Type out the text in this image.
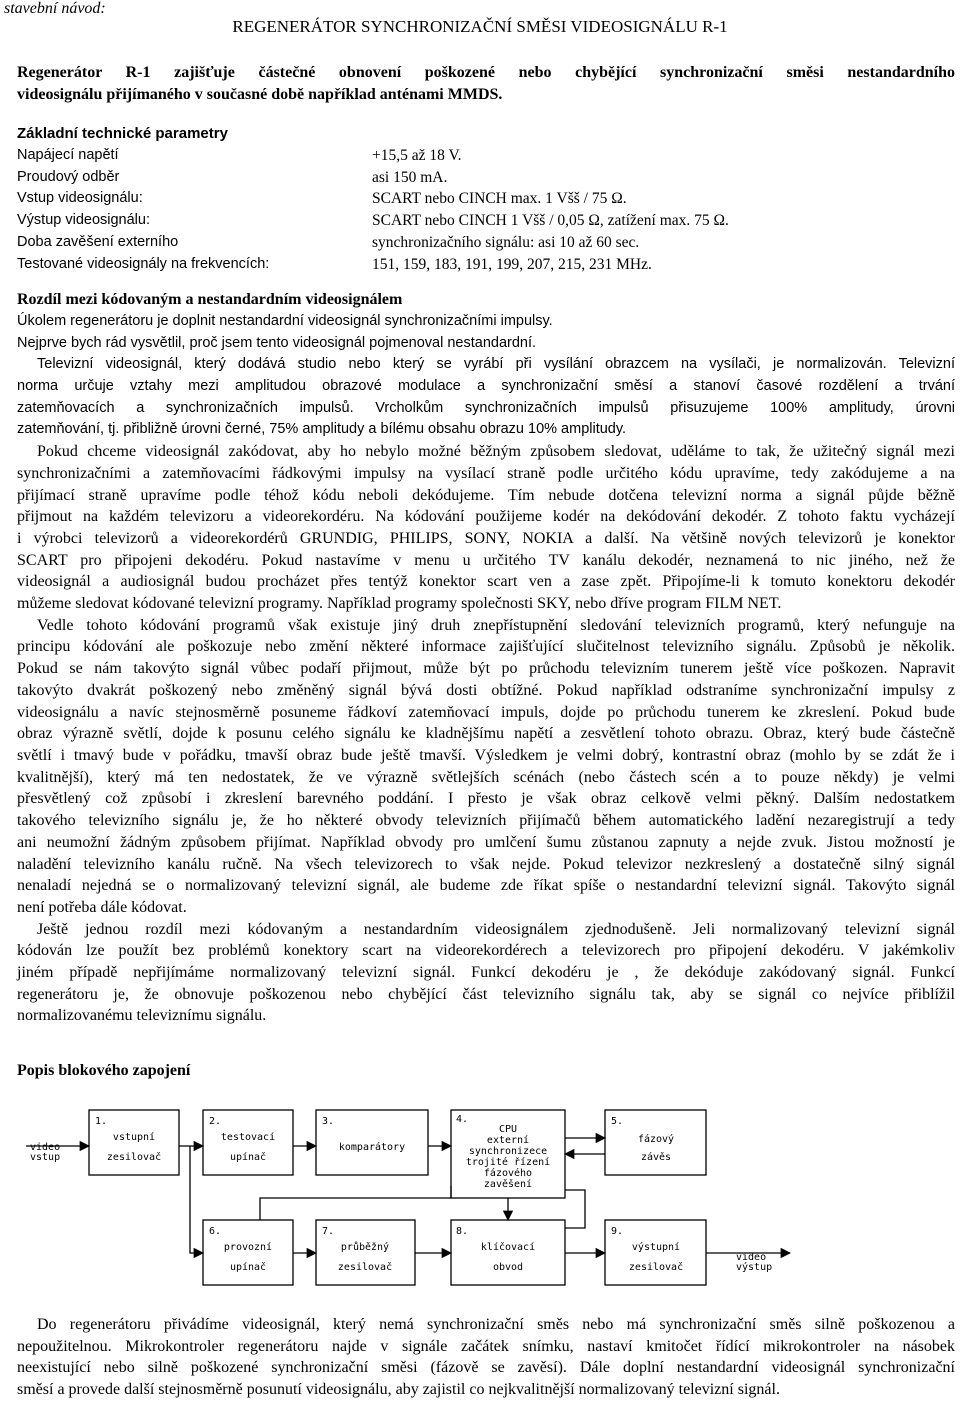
stavební návod:
REGENERÁTOR SYNCHRONIZAČNÍ SMĚSI VIDEOSIGNÁLU R-1

Regenerátor R-1 zajišťuje částečné obnovení poškozené nebo chybějící synchronizační směsi nestandardního

videosignálu přijímaného v současné době například anténami MMDS.

Základní technické parametry

Napájecí napětí	+15,5 až 18 V.
Proudový odběr	asi 150 mA.
Vstup videosignálu:	SCART nebo CINCH max. 1 Všš / 75 Ω.
Výstup videosignálu:	SCART nebo CINCH 1 Všš / 0,05 Ω, zatížení max. 75 Ω.
Doba zavěšení externího	synchronizačního signálu: asi 10 až 60 sec.
Testované videosignály na frekvencích:	151, 159, 183, 191, 199, 207, 215, 231 MHz.

Rozdíl mezi kódovaným a nestandardním videosignálem

Úkolem regenerátoru je doplnit nestandardní videosignál synchronizačními impulsy.

Nejprve bych rád vysvětlil, proč jsem tento videosignál pojmenoval nestandardní.

Televizní videosignál, který dodává studio nebo který se vyrábí při vysílání obrazcem na vysílači, je normalizován. Televizní

norma určuje vztahy mezi amplitudou obrazové modulace a synchronizační směsí a stanoví časové rozdělení a trvání

zatemňovacích a synchronizačních impulsů. Vrcholkům synchronizačních impulsů přisuzujeme 100% amplitudy, úrovni

zatemňování, tj. přibližně úrovni černé, 75% amplitudy a bílému obsahu obrazu 10% amplitudy.

Pokud chceme videosignál zakódovat, aby ho nebylo možné běžným způsobem sledovat, uděláme to tak, že užitečný signál mezi

synchronizačními a zatemňovacími řádkovými impulsy na vysílací straně podle určitého kódu upravíme, tedy zakódujeme a na

přijímací straně upravíme podle téhož kódu neboli dekódujeme. Tím nebude dotčena televizní norma a signál půjde běžně

přijmout na každém televizoru a videorekordéru. Na kódování použijeme kodér na dekódování dekodér. Z tohoto faktu vycházejí

i výrobci televizorů a videorekordérů GRUNDIG, PHILIPS, SONY, NOKIA a další. Na většině nových televizorů je konektor

SCART pro připojeni dekodéru. Pokud nastavíme v menu u určitého TV kanálu dekodér, neznamená to nic jiného, než že

videosignál a audiosignál budou procházet přes tentýž konektor scart ven a zase zpět. Připojíme-li k tomuto konektoru dekodér

můžeme sledovat kódované televizní programy. Například programy společnosti SKY, nebo dříve program FILM NET.

Vedle tohoto kódování programů však existuje jiný druh znepřístupnění sledování televizních programů, který nefunguje na

principu kódování ale poškozuje nebo změní některé informace zajišťující slučitelnost televizního signálu. Způsobů je několik.

Pokud se nám takovýto signál vůbec podaří přijmout, může být po průchodu televizním tunerem ještě více poškozen. Napravit

takovýto dvakrát poškozený nebo změněný signál bývá dosti obtížné. Pokud například odstraníme synchronizační impulsy z

videosignálu a navíc stejnosměrně posuneme řádkoví zatemňovací impuls, dojde po průchodu tunerem ke zkreslení. Pokud bude

obraz výrazně světlí, dojde k posunu celého signálu ke kladnějšímu napětí a zesvětlení tohoto obrazu. Obraz, který bude částečně

světlí i tmavý bude v pořádku, tmavší obraz bude ještě tmavší. Výsledkem je velmi dobrý, kontrastní obraz (mohlo by se zdát že i

kvalitnější), který má ten nedostatek, že ve výrazně světlejších scénách (nebo částech scén a to pouze někdy) je velmi

přesvětlený což způsobí i zkreslení barevného poddání. I přesto je však obraz celkově velmi pěkný. Dalším nedostatkem

takového televizního signálu je, že ho některé obvody televizních přijímačů během automatického ladění nezaregistrují a tedy

ani neumožní žádným způsobem přijímat. Například obvody pro umlčení šumu zůstanou zapnuty a nejde zvuk. Jistou možností je

naladění televizního kanálu ručně. Na všech televizorech to však nejde. Pokud televizor nezkreslený a dostatečně silný signál

nenaladí nejedná se o normalizovaný televizní signál, ale budeme zde říkat spíše o nestandardní televizní signál. Takovýto signál

není potřeba dále kódovat.

Ještě jednou rozdíl mezi kódovaným a nestandardním videosignálem zjednodušeně. Jeli normalizovaný televizní signál

kódován lze použít bez problémů konektory scart na videorekordérech a televizorech pro připojení dekodéru. V jakémkoliv

jiném případě nepřijímáme normalizovaný televizní signál. Funkcí dekodéru je , že dekóduje zakódovaný signál. Funkcí

regenerátoru je, že obnovuje poškozenou nebo chybějící část televizního signálu tak, aby se signál co nejvíce přiblížil

normalizovanému televiznímu signálu.

Popis blokového zapojení
video
vstup
video
výstup
1.
vstupní
zesilovač
2.
testovací
upínač
3.
komparátory
4.
CPU
externí
synchronizece
trojité řízení
fázového
zavěšení
5.
fázový
závěs
6.
provozní
upínač
7.
průběžný
zesilovač
8.
klíčovací
obvod
9.
výstupní
zesilovač

Do regenerátoru přivádíme videosignál, který nemá synchronizační směs nebo má synchronizační směs silně poškozenou a

nepoužitelnou. Mikrokontroler regenerátoru najde v signále začátek snímku, nastaví kmitočet řídící mikrokontroler na násobek

neexistující nebo silně poškozené synchronizační směsi (fázově se zavěsí). Dále doplní nestandardní videosignál synchronizační

směsí a provede další stejnosměrně posunutí videosignálu, aby zajistil co nejkvalitnější normalizovaný televizní signál.
